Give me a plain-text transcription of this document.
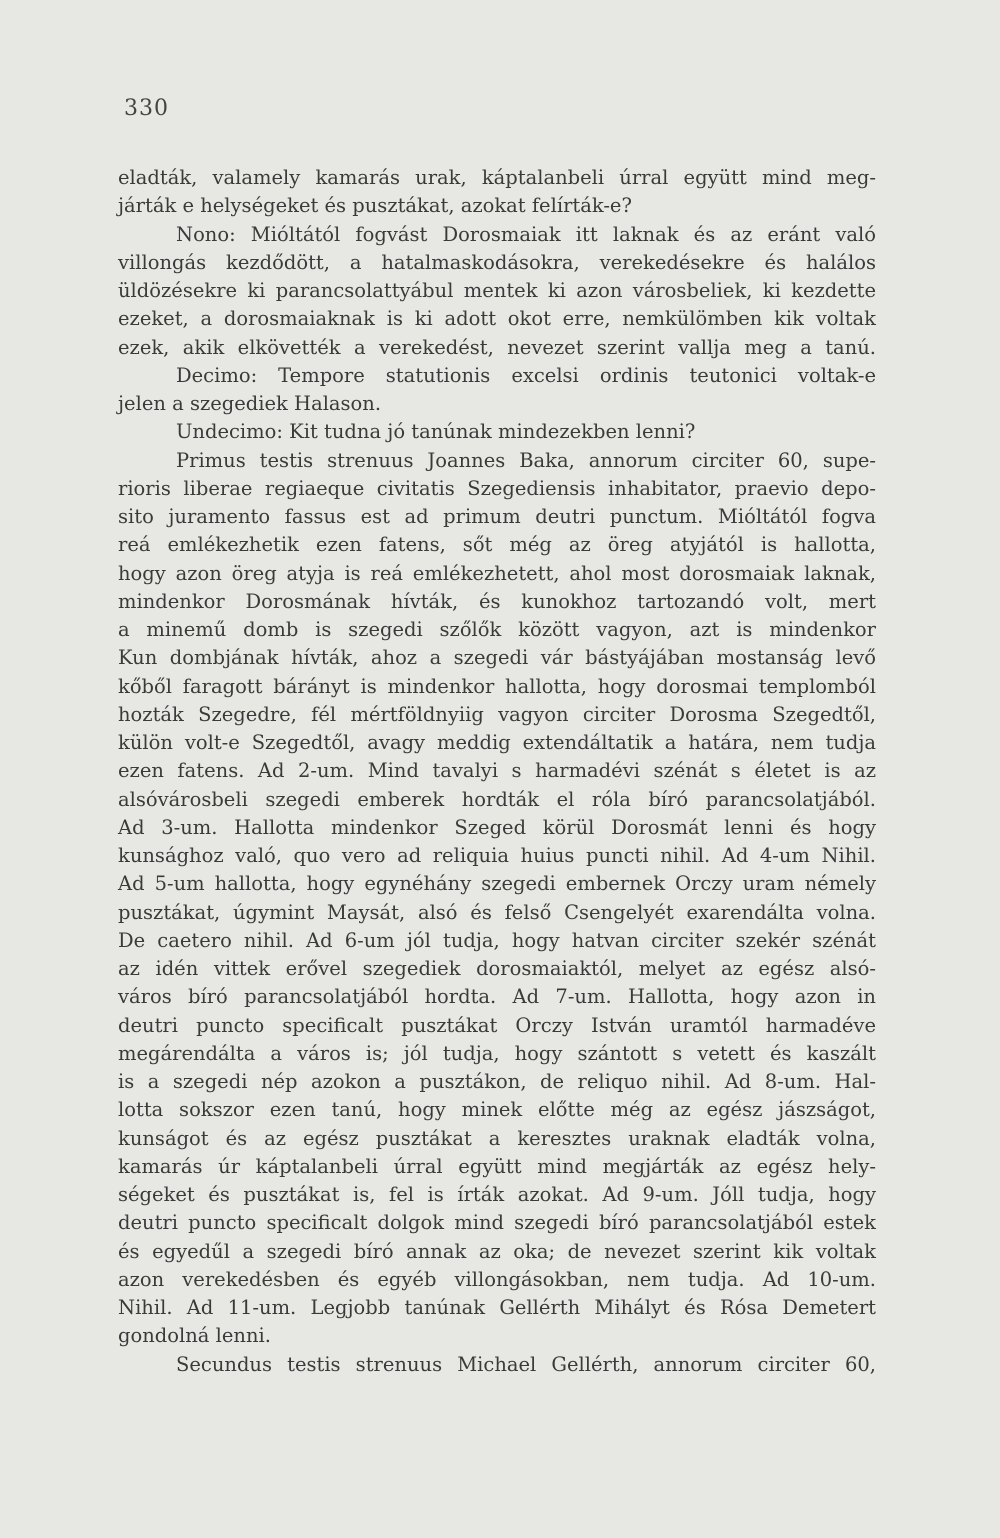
330
eladták, valamely kamarás urak, káptalanbeli úrral együtt mind meg-
járták e helységeket és pusztákat, azokat felírták-e?
Nono: Mióltától fogvást Dorosmaiak itt laknak és az eránt való
villongás kezdődött, a hatalmaskodásokra, verekedésekre és halálos
üldözésekre ki parancsolattyábul mentek ki azon városbeliek, ki kezdette
ezeket, a dorosmaiaknak is ki adott okot erre, nemkülömben kik voltak
ezek, akik elkövették a verekedést, nevezet szerint vallja meg a tanú.
Decimo: Tempore statutionis excelsi ordinis teutonici voltak-e
jelen a szegediek Halason.
Undecimo: Kit tudna jó tanúnak mindezekben lenni?
Primus testis strenuus Joannes Baka, annorum circiter 60, supe-
rioris liberae regiaeque civitatis Szegediensis inhabitator, praevio depo-
sito juramento fassus est ad primum deutri punctum. Mióltától fogva
reá emlékezhetik ezen fatens, sőt még az öreg atyjától is hallotta,
hogy azon öreg atyja is reá emlékezhetett, ahol most dorosmaiak laknak,
mindenkor Dorosmának hívták, és kunokhoz tartozandó volt, mert
a minemű domb is szegedi szőlők között vagyon, azt is mindenkor
Kun dombjának hívták, ahoz a szegedi vár bástyájában mostanság levő
kőből faragott bárányt is mindenkor hallotta, hogy dorosmai templomból
hozták Szegedre, fél mértföldnyiig vagyon circiter Dorosma Szegedtől,
külön volt-e Szegedtől, avagy meddig extendáltatik a határa, nem tudja
ezen fatens. Ad 2-um. Mind tavalyi s harmadévi szénát s életet is az
alsóvárosbeli szegedi emberek hordták el róla bíró parancsolatjából.
Ad 3-um. Hallotta mindenkor Szeged körül Dorosmát lenni és hogy
kunsághoz való, quo vero ad reliquia huius puncti nihil. Ad 4-um Nihil.
Ad 5-um hallotta, hogy egynéhány szegedi embernek Orczy uram némely
pusztákat, úgymint Maysát, alsó és felső Csengelyét exarendálta volna.
De caetero nihil. Ad 6-um jól tudja, hogy hatvan circiter szekér szénát
az idén vittek erővel szegediek dorosmaiaktól, melyet az egész alsó-
város bíró parancsolatjából hordta. Ad 7-um. Hallotta, hogy azon in
deutri puncto specificalt pusztákat Orczy István uramtól harmadéve
megárendálta a város is; jól tudja, hogy szántott s vetett és kaszált
is a szegedi nép azokon a pusztákon, de reliquo nihil. Ad 8-um. Hal-
lotta sokszor ezen tanú, hogy minek előtte még az egész jászságot,
kunságot és az egész pusztákat a keresztes uraknak eladták volna,
kamarás úr káptalanbeli úrral együtt mind megjárták az egész hely-
ségeket és pusztákat is, fel is írták azokat. Ad 9-um. Jóll tudja, hogy
deutri puncto specificalt dolgok mind szegedi bíró parancsolatjából estek
és egyedűl a szegedi bíró annak az oka; de nevezet szerint kik voltak
azon verekedésben és egyéb villongásokban, nem tudja. Ad 10-um.
Nihil. Ad 11-um. Legjobb tanúnak Gellérth Mihályt és Rósa Demetert
gondolná lenni.
Secundus testis strenuus Michael Gellérth, annorum circiter 60,
